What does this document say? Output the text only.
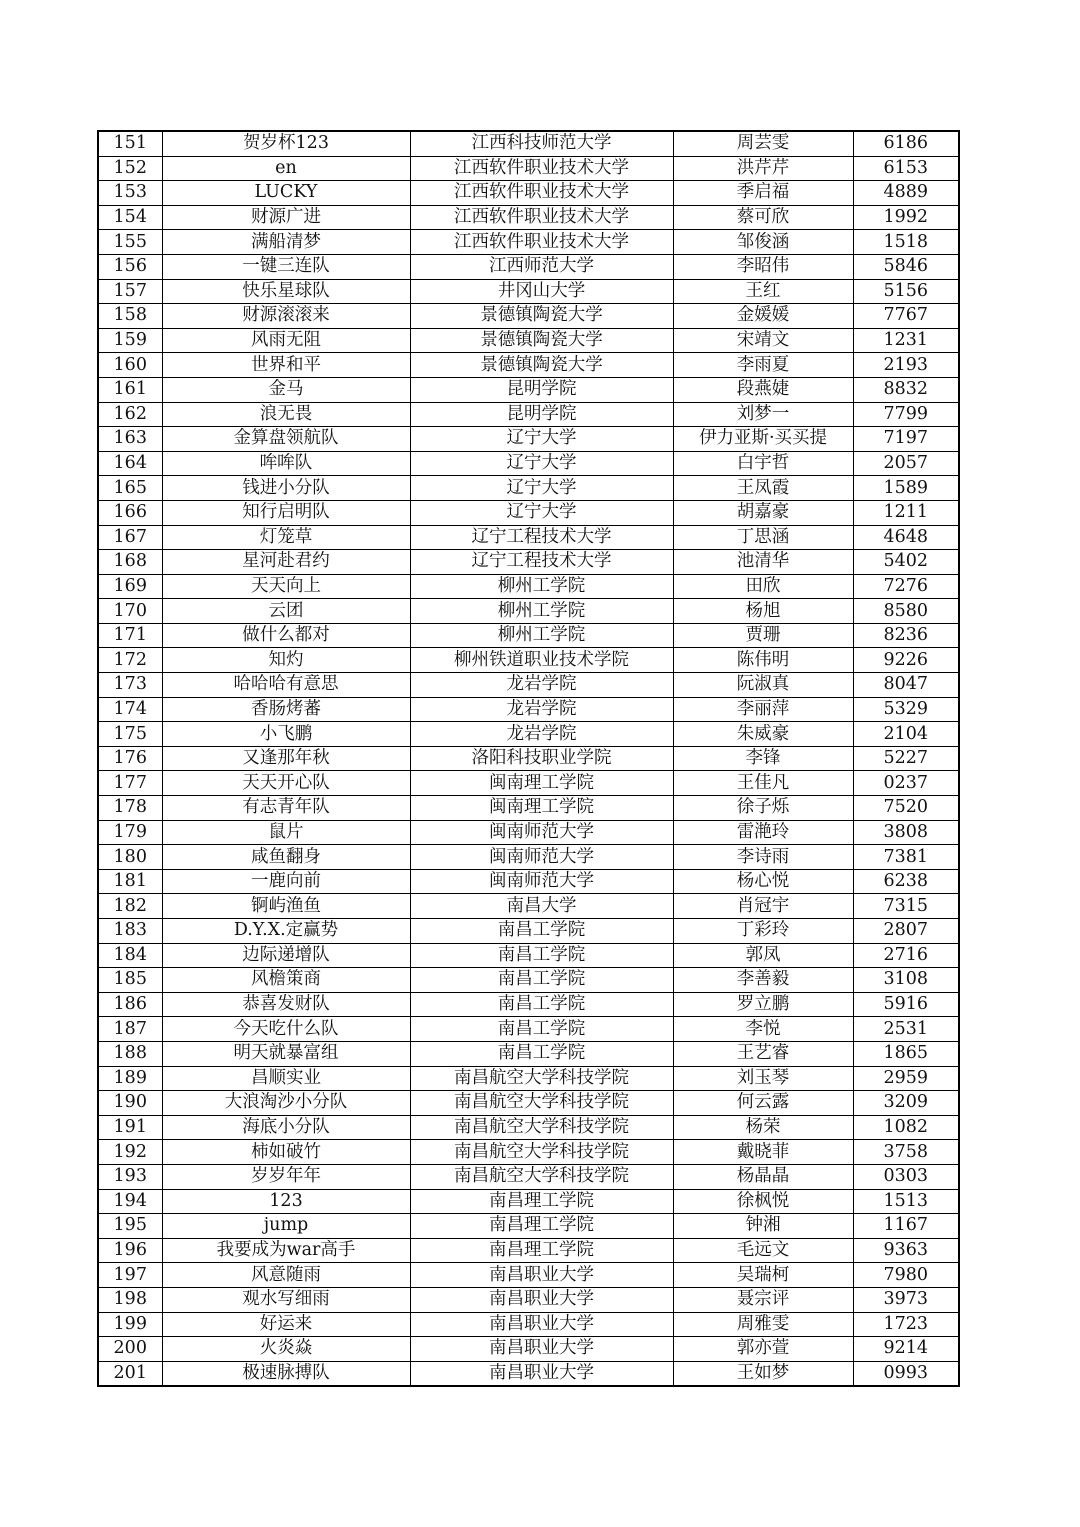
151	贺岁杯123	江西科技师范大学	周芸雯	6186
152	en	江西软件职业技术大学	洪芹芹	6153
153	LUCKY	江西软件职业技术大学	季启福	4889
154	财源广进	江西软件职业技术大学	蔡可欣	1992
155	满船清梦	江西软件职业技术大学	邹俊涵	1518
156	一键三连队	江西师范大学	李昭伟	5846
157	快乐星球队	井冈山大学	王红	5156
158	财源滚滚来	景德镇陶瓷大学	金媛媛	7767
159	风雨无阻	景德镇陶瓷大学	宋靖文	1231
160	世界和平	景德镇陶瓷大学	李雨夏	2193
161	金马	昆明学院	段燕婕	8832
162	浪无畏	昆明学院	刘梦一	7799
163	金算盘领航队	辽宁大学	伊力亚斯·买买提	7197
164	哞哞队	辽宁大学	白宇哲	2057
165	钱进小分队	辽宁大学	王凤霞	1589
166	知行启明队	辽宁大学	胡嘉豪	1211
167	灯笼草	辽宁工程技术大学	丁思涵	4648
168	星河赴君约	辽宁工程技术大学	池清华	5402
169	天天向上	柳州工学院	田欣	7276
170	云团	柳州工学院	杨旭	8580
171	做什么都对	柳州工学院	贾珊	8236
172	知灼	柳州铁道职业技术学院	陈伟明	9226
173	哈哈哈有意思	龙岩学院	阮淑真	8047
174	香肠烤蕃	龙岩学院	李丽萍	5329
175	小飞鹏	龙岩学院	朱威豪	2104
176	又逢那年秋	洛阳科技职业学院	李锋	5227
177	天天开心队	闽南理工学院	王佳凡	0237
178	有志青年队	闽南理工学院	徐子烁	7520
179	鼠片	闽南师范大学	雷滟玲	3808
180	咸鱼翻身	闽南师范大学	李诗雨	7381
181	一鹿向前	闽南师范大学	杨心悦	6238
182	锕屿渔鱼	南昌大学	肖冠宇	7315
183	D.Y.X.定赢势	南昌工学院	丁彩玲	2807
184	边际递增队	南昌工学院	郭凤	2716
185	风檐策商	南昌工学院	李善毅	3108
186	恭喜发财队	南昌工学院	罗立鹏	5916
187	今天吃什么队	南昌工学院	李悦	2531
188	明天就暴富组	南昌工学院	王艺睿	1865
189	昌顺实业	南昌航空大学科技学院	刘玉琴	2959
190	大浪淘沙小分队	南昌航空大学科技学院	何云露	3209
191	海底小分队	南昌航空大学科技学院	杨荣	1082
192	柿如破竹	南昌航空大学科技学院	戴晓菲	3758
193	岁岁年年	南昌航空大学科技学院	杨晶晶	0303
194	123	南昌理工学院	徐枫悦	1513
195	jump	南昌理工学院	钟湘	1167
196	我要成为war高手	南昌理工学院	毛远文	9363
197	风意随雨	南昌职业大学	吴瑞柯	7980
198	观水写细雨	南昌职业大学	聂宗评	3973
199	好运来	南昌职业大学	周雅雯	1723
200	火炎焱	南昌职业大学	郭亦萱	9214
201	极速脉搏队	南昌职业大学	王如梦	0993
